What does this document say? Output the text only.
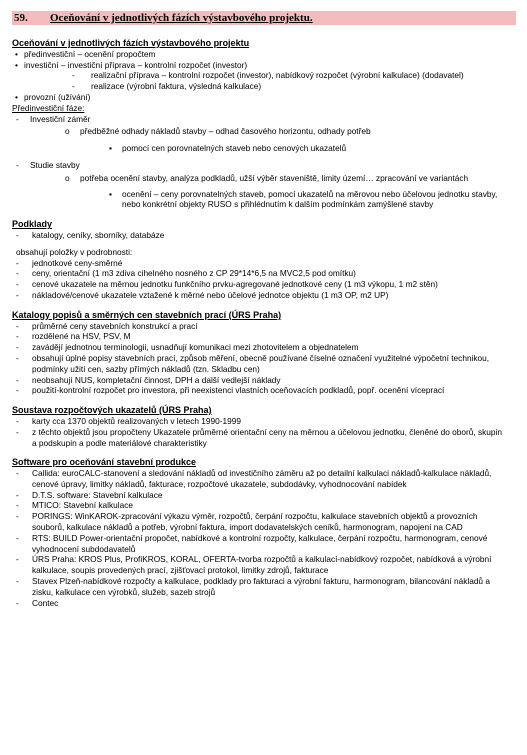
59. Oceňování v jednotlivých fázích výstavbového projektu.
Oceňování v jednotlivých fázích výstavbového projektu
• předinvestiční – ocenění propočtem
• investiční – investiční příprava – kontrolní rozpočet (investor)
- realizační příprava – kontrolní rozpočet (investor), nabídkový rozpočet (výrobní kalkulace) (dodavatel)
- realizace (výrobní faktura, výsledná kalkulace)
• provozní (užívání)
Předinvestiční fáze:
- Investiční záměr
o předběžné odhady nákladů stavby – odhad časového horizontu, odhady potřeb
▪ pomocí cen porovnatelných staveb nebo cenových ukazatelů
- Studie stavby
o potřeba ocenění stavby, analýza podkladů, užší výběr staveniště, limity území… zpracování ve variantách
▪ ocenění – ceny porovnatelných staveb, pomocí ukazatelů na měrovou nebo účelovou jednotku stavby, nebo konkrétní objekty RUSO s přihlédnutím k dalším podmínkám zamýšlené stavby
Podklady
- katalogy, ceníky, sborníky, databáze
obsahují položky v podrobnosti:
- jednotkové ceny-směrné
- ceny, orientační (1 m3 zdiva cihelného nosného z CP 29*14*6,5 na MVC2,5 pod omítku)
- cenové ukazatele na měrnou jednotku funkčního prvku-agregované jednotkové ceny (1 m3 výkopu, 1 m2 stěn)
- nákladové/cenové ukazatele vztažené k měrné nebo účelové jednotce objektu (1 m3 OP, m2 UP)
Katalogy popisů a směrných cen stavebních prací (ÚRS Praha)
- průměrné ceny stavebních konstrukcí a prací
- rozdělené na HSV, PSV, M
- zavádějí jednotnou terminologii, usnadňují komunikaci mezi zhotovitelem a objednatelem
- obsahují úplné popisy stavebních prací, způsob měření, obecně používané číselné označení využitelné výpočetní technikou, podmínky užití cen, sazby přímých nákladů (tzn. Skladbu cen)
- neobsahují NUS, kompletační činnost, DPH a další vedlejší náklady
- použití-kontrolní rozpočet pro investora, při neexistenci vlastních oceňovacích podkladů, popř. ocenění víceprací
Soustava rozpočtových ukazatelů (ÚRS Praha)
- karty cca 1370 objektů realizovaných v letech 1990-1999
- z těchto objektů jsou propočteny Ukazatele průměrné orientační ceny na měrnou a účelovou jednotku, členěné do oborů, skupin a podskupin a podle materiálové charakteristiky
Software pro oceňování stavební produkce
- Callida: euroCALC-stanovení a sledování nákladů od investičního záměru až po detailní kalkulaci nákladů-kalkulace nákladů, cenové úpravy, limitky nákladů, fakturace, rozpočtové ukazatele, subdodávky, vyhodnocování nabídek
- D.T.S. software: Stavební kalkulace
- MTICO: Stavební kalkulace
- PORINGS: WinKAROK-zpracování výkazu výměr, rozpočtů, čerpání rozpočtu, kalkulace stavebních objektů a provozních souborů, kalkulace nákladů a potřeb, výrobní faktura, import dodavatelských ceníků, harmonogram, napojení na CAD
- RTS: BUILD Power-orientační propočet, nabídkové a kontrolní rozpočty, kalkulace, čerpání rozpočtu, harmonogram, cenové vyhodnocení subdodavatelů
- ÚRS Praha: KROS Plus, ProfiKROS, KORAL, OFERTA-tvorba rozpočtů a kalkulací-nabídkový rozpočet, nabídková a výrobní kalkulace, soupis provedených prací, zjišťovací protokol, limitky zdrojů, fakturace
- Stavex Plzeň-nabídkové rozpočty a kalkulace, podklady pro fakturaci a výrobní fakturu, harmonogram, bilancování nákladů a zisku, kalkulace cen výrobků, služeb, sazeb strojů
- Contec
